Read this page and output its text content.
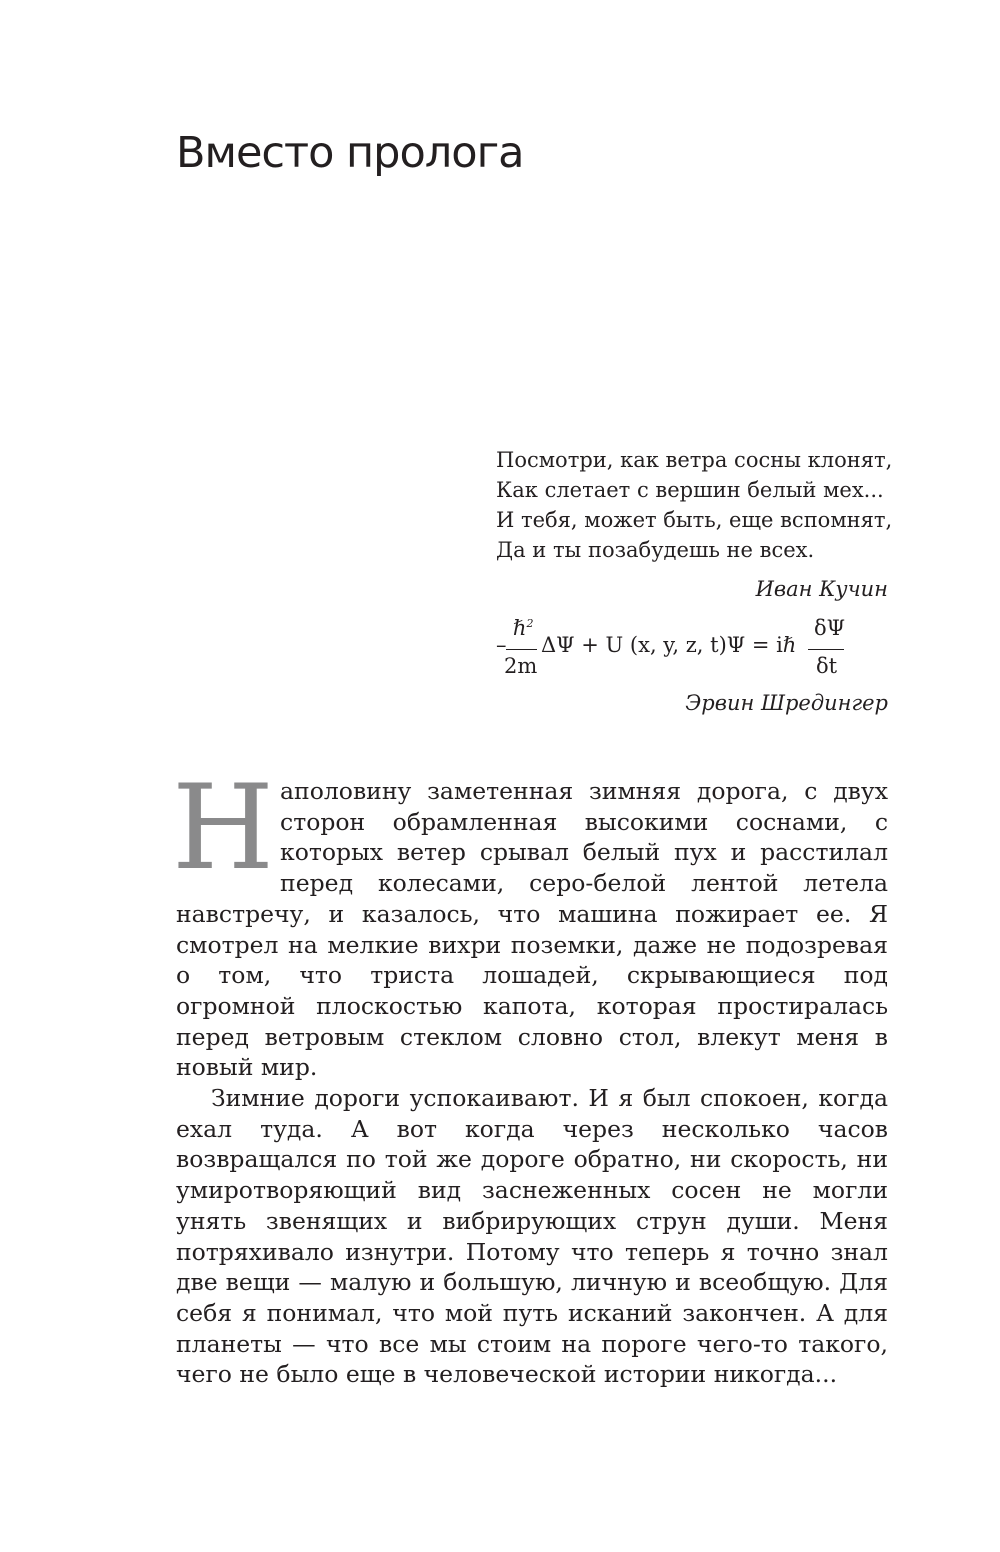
Вместо пролога
Посмотри, как ветра сосны клонят,
Как слетает с вершин белый мех...
И тебя, может быть, еще вспомнят,
Да и ты позабудешь не всех.
Иван Кучин
–
ℏ$^2$
2m
ΔΨ + U (x, y, z, t)Ψ = iℏ
δΨ
δt
Эрвин Шредингер

Наполовину заметенная зимняя дорога, с двух сторон обрамленная высокими соснами, с которых ветер срывал белый пух и расстилал перед колесами, серо-белой лентой летела навстречу, и казалось, что машина пожирает ее. Я смотрел на мелкие вихри поземки, даже не подозревая о том, что триста лошадей, скрывающиеся под огромной плоскостью капота, которая простиралась перед ветровым стеклом словно стол, влекут меня в новый мир.

Зимние дороги успокаивают. И я был спокоен, когда ехал туда. А вот когда через несколько часов возвращался по той же дороге обратно, ни скорость, ни умиротворяющий вид заснеженных сосен не могли унять звенящих и вибрирующих струн души. Меня потряхивало изнутри. Потому что теперь я точно знал две вещи — малую и большую, личную и всеобщую. Для себя я понимал, что мой путь исканий закончен. А для планеты — что все мы стоим на пороге чего-то такого, чего не было еще в человеческой истории никогда...
